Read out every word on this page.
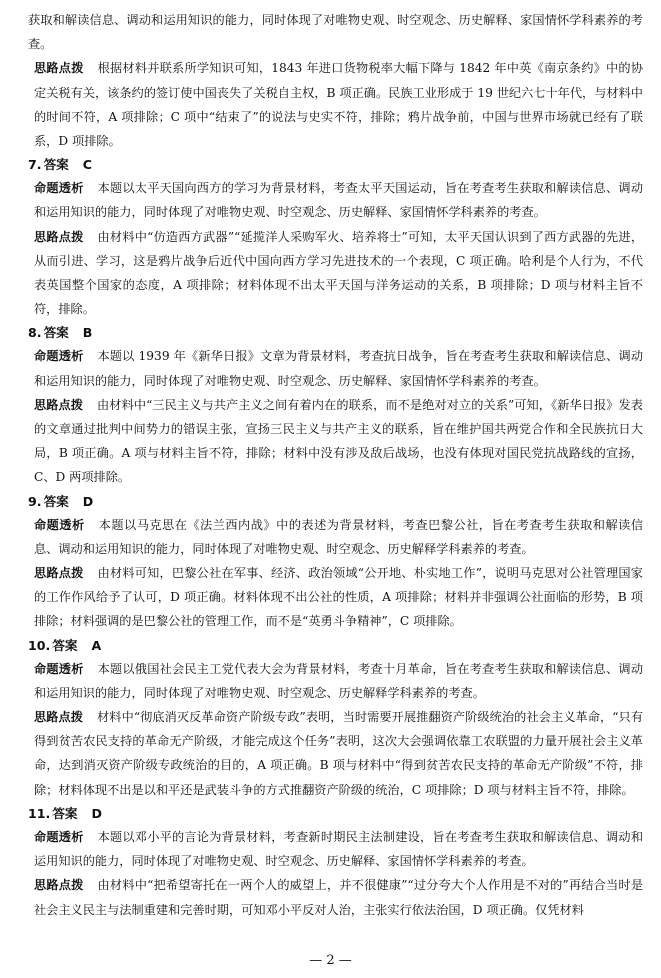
获取和解读信息、调动和运用知识的能力，同时体现了对唯物史观、时空观念、历史解释、家国情怀学科素养的考查。

思路点拨 根据材料并联系所学知识可知，1843 年进口货物税率大幅下降与 1842 年中英《南京条约》中的协定关税有关，该条约的签订使中国丧失了关税自主权，B 项正确。民族工业形成于 19 世纪六七十年代，与材料中的时间不符，A 项排除；C 项中“结束了”的说法与史实不符，排除；鸦片战争前，中国与世界市场就已经有了联系，D 项排除。

7. 答案 C

命题透析 本题以太平天国向西方的学习为背景材料，考查太平天国运动，旨在考查考生获取和解读信息、调动和运用知识的能力，同时体现了对唯物史观、时空观念、历史解释、家国情怀学科素养的考查。

思路点拨 由材料中“仿造西方武器”“延揽洋人采购军火、培养将士”可知，太平天国认识到了西方武器的先进，从而引进、学习，这是鸦片战争后近代中国向西方学习先进技术的一个表现，C 项正确。哈利是个人行为，不代表英国整个国家的态度，A 项排除；材料体现不出太平天国与洋务运动的关系，B 项排除；D 项与材料主旨不符，排除。

8. 答案 B

命题透析 本题以 1939 年《新华日报》文章为背景材料，考查抗日战争，旨在考查考生获取和解读信息、调动和运用知识的能力，同时体现了对唯物史观、时空观念、历史解释、家国情怀学科素养的考查。

思路点拨 由材料中“三民主义与共产主义之间有着内在的联系，而不是绝对对立的关系”可知，《新华日报》发表的文章通过批判中间势力的错误主张，宣扬三民主义与共产主义的联系，旨在维护国共两党合作和全民族抗日大局，B 项正确。A 项与材料主旨不符，排除；材料中没有涉及敌后战场，也没有体现对国民党抗战路线的宣扬，C、D 两项排除。

9. 答案 D

命题透析 本题以马克思在《法兰西内战》中的表述为背景材料，考查巴黎公社，旨在考查考生获取和解读信息、调动和运用知识的能力，同时体现了对唯物史观、时空观念、历史解释学科素养的考查。

思路点拨 由材料可知，巴黎公社在军事、经济、政治领域“公开地、朴实地工作”，说明马克思对公社管理国家的工作作风给予了认可，D 项正确。材料体现不出公社的性质，A 项排除；材料并非强调公社面临的形势，B 项排除；材料强调的是巴黎公社的管理工作，而不是“英勇斗争精神”，C 项排除。

10. 答案 A

命题透析 本题以俄国社会民主工党代表大会为背景材料，考查十月革命，旨在考查考生获取和解读信息、调动和运用知识的能力，同时体现了对唯物史观、时空观念、历史解释学科素养的考查。

思路点拨 材料中“彻底消灭反革命资产阶级专政”表明，当时需要开展推翻资产阶级统治的社会主义革命，“只有得到贫苦农民支持的革命无产阶级，才能完成这个任务”表明，这次大会强调依靠工农联盟的力量开展社会主义革命，达到消灭资产阶级专政统治的目的，A 项正确。B 项与材料中“得到贫苦农民支持的革命无产阶级”不符，排除；材料体现不出是以和平还是武装斗争的方式推翻资产阶级的统治，C 项排除；D 项与材料主旨不符，排除。

11. 答案 D

命题透析 本题以邓小平的言论为背景材料，考查新时期民主法制建设，旨在考查考生获取和解读信息、调动和运用知识的能力，同时体现了对唯物史观、时空观念、历史解释、家国情怀学科素养的考查。

思路点拨 由材料中“把希望寄托在一两个人的威望上，并不很健康”“过分夸大个人作用是不对的”再结合当时是社会主义民主与法制重建和完善时期，可知邓小平反对人治，主张实行依法治国，D 项正确。仅凭材料

— 2 —
